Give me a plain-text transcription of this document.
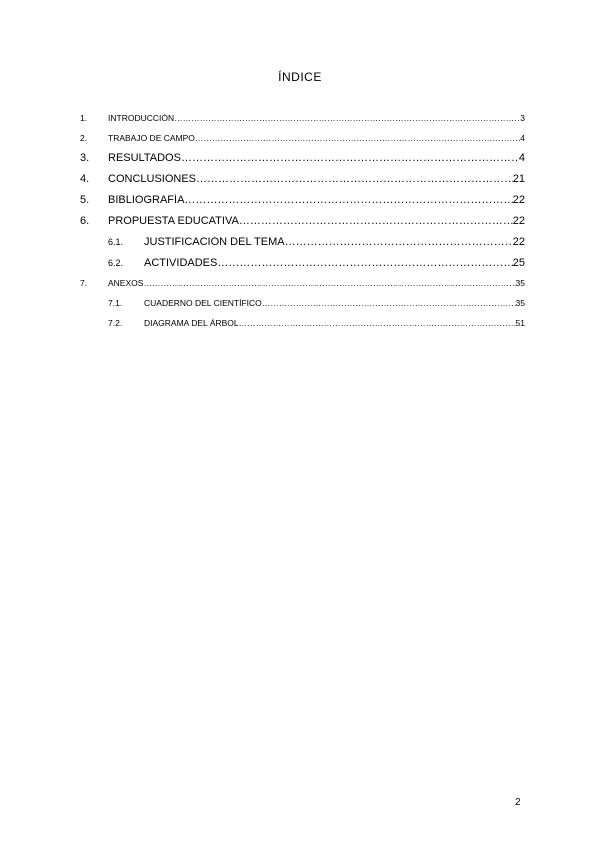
ÍNDICE
1.	INTRODUCCIÓN ………………………………………………………………………………………………………………………………………	3
2.	TRABAJO DE CAMPO ………………………………………………………………………………………………………………………………………	4
3.	RESULTADOS ………………………………………………………………………………………………………………………………………	4
4.	CONCLUSIONES ………………………………………………………………………………………………………………………………………	21
5.	BIBLIOGRAFÍA ………………………………………………………………………………………………………………………………………	22
6.	PROPUESTA EDUCATIVA ………………………………………………………………………………………………………………………………………	22
6.1.	JUSTIFICACIÓN DEL TEMA ………………………………………………………………………………………………………………………………………	22
6.2.	ACTIVIDADES ………………………………………………………………………………………………………………………………………	25
7.	ANEXOS ………………………………………………………………………………………………………………………………………	35
7.1.	CUADERNO DEL CIENTÍFICO ………………………………………………………………………………………………………………………………………	35
7.2.	DIAGRAMA DEL ÁRBOL ………………………………………………………………………………………………………………………………………	51
2
